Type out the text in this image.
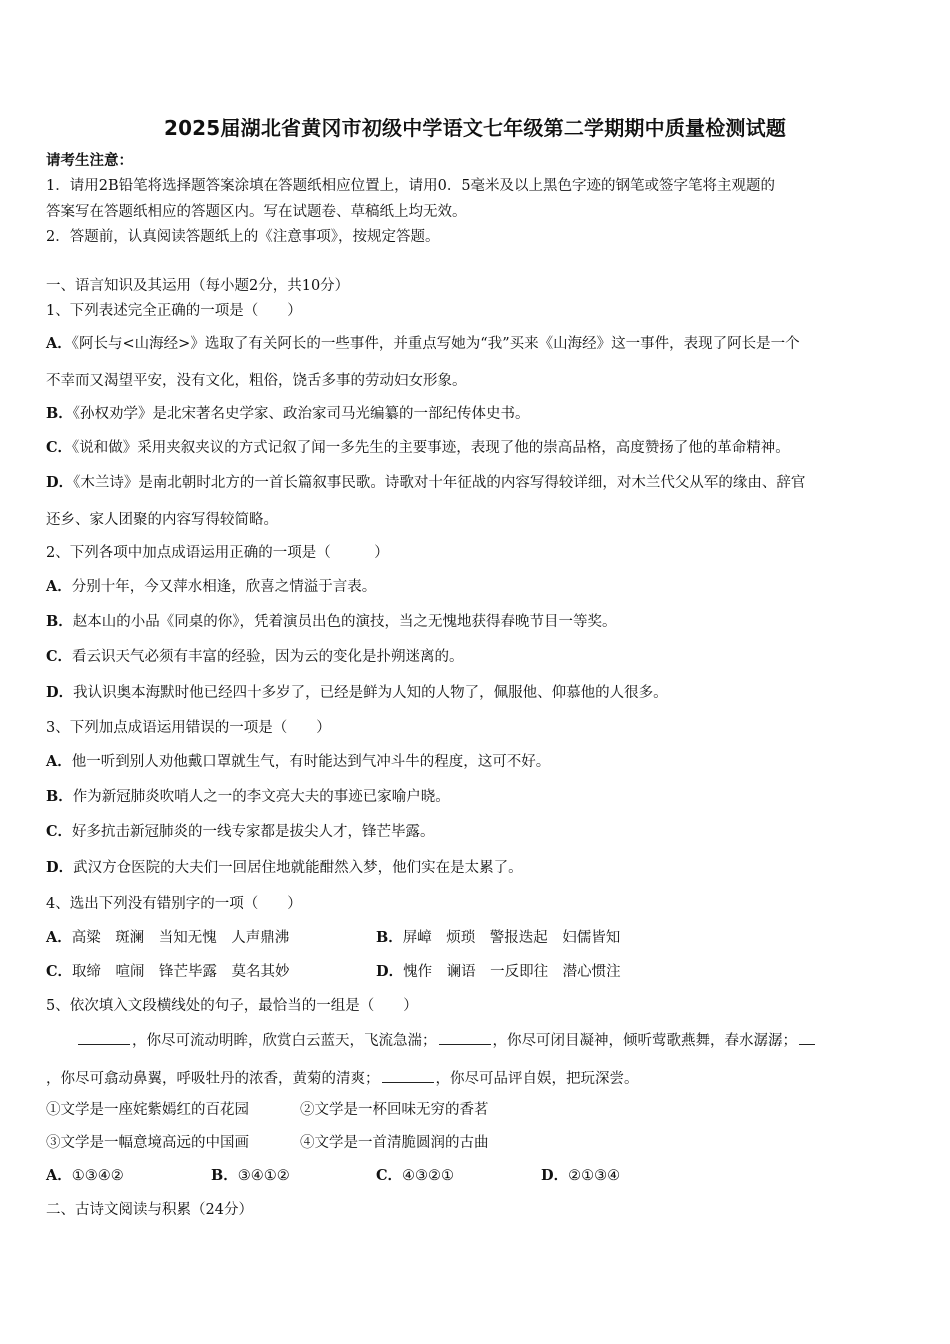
2025届湖北省黄冈市初级中学语文七年级第二学期期中质量检测试题
请考生注意：
1．请用2B铅笔将选择题答案涂填在答题纸相应位置上，请用0．5毫米及以上黑色字迹的钢笔或签字笔将主观题的
答案写在答题纸相应的答题区内。写在试题卷、草稿纸上均无效。
2．答题前，认真阅读答题纸上的《注意事项》，按规定答题。
一、语言知识及其运用（每小题2分，共10分）
1、下列表述完全正确的一项是（　　）
A．《阿长与<山海经>》选取了有关阿长的一些事件，并重点写她为“我”买来《山海经》这一事件，表现了阿长是一个
不幸而又渴望平安，没有文化，粗俗，饶舌多事的劳动妇女形象。
B．《孙权劝学》是北宋著名史学家、政治家司马光编纂的一部纪传体史书。
C．《说和做》采用夹叙夹议的方式记叙了闻一多先生的主要事迹，表现了他的崇高品格，高度赞扬了他的革命精神。
D．《木兰诗》是南北朝时北方的一首长篇叙事民歌。诗歌对十年征战的内容写得较详细，对木兰代父从军的缘由、辞官
还乡、家人团聚的内容写得较简略。
2、下列各项中加点成语运用正确的一项是（　　　）
A．分别十年，今又萍水相逢，欣喜之情溢于言表。
B．赵本山的小品《同桌的你》，凭着演员出色的演技，当之无愧地获得春晚节目一等奖。
C．看云识天气必须有丰富的经验，因为云的变化是扑朔迷离的。
D．我认识奥本海默时他已经四十多岁了，已经是鲜为人知的人物了，佩服他、仰慕他的人很多。
3、下列加点成语运用错误的一项是（　　）
A．他一听到别人劝他戴口罩就生气，有时能达到气冲斗牛的程度，这可不好。
B．作为新冠肺炎吹哨人之一的李文亮大夫的事迹已家喻户晓。
C．好多抗击新冠肺炎的一线专家都是拔尖人才，锋芒毕露。
D．武汉方仓医院的大夫们一回居住地就能酣然入梦，他们实在是太累了。
4、选出下列没有错别字的一项（　　）
A．高粱　斑澜　当知无愧　人声鼎沸	B．屏嶂　烦琐　警报迭起　妇儒皆知
C．取缔　喧闹　锋芒毕露　莫名其妙	D．愧作　谰语　一反即往　潜心惯注
5、依次填入文段横线处的句子，最恰当的一组是（　　）
，你尽可流动明眸，欣赏白云蓝天，飞流急湍；	，你尽可闭目凝神，倾听莺歌燕舞，春水潺潺；
，你尽可翕动鼻翼，呼吸牡丹的浓香，黄菊的清爽；	，你尽可品评自娱，把玩深尝。
①文学是一座姹紫嫣红的百花园	②文学是一杯回味无穷的香茗
③文学是一幅意境高远的中国画	④文学是一首清脆圆润的古曲
A．①③④②	B．③④①②	C．④③②①	D．②①③④
二、古诗文阅读与积累（24分）
